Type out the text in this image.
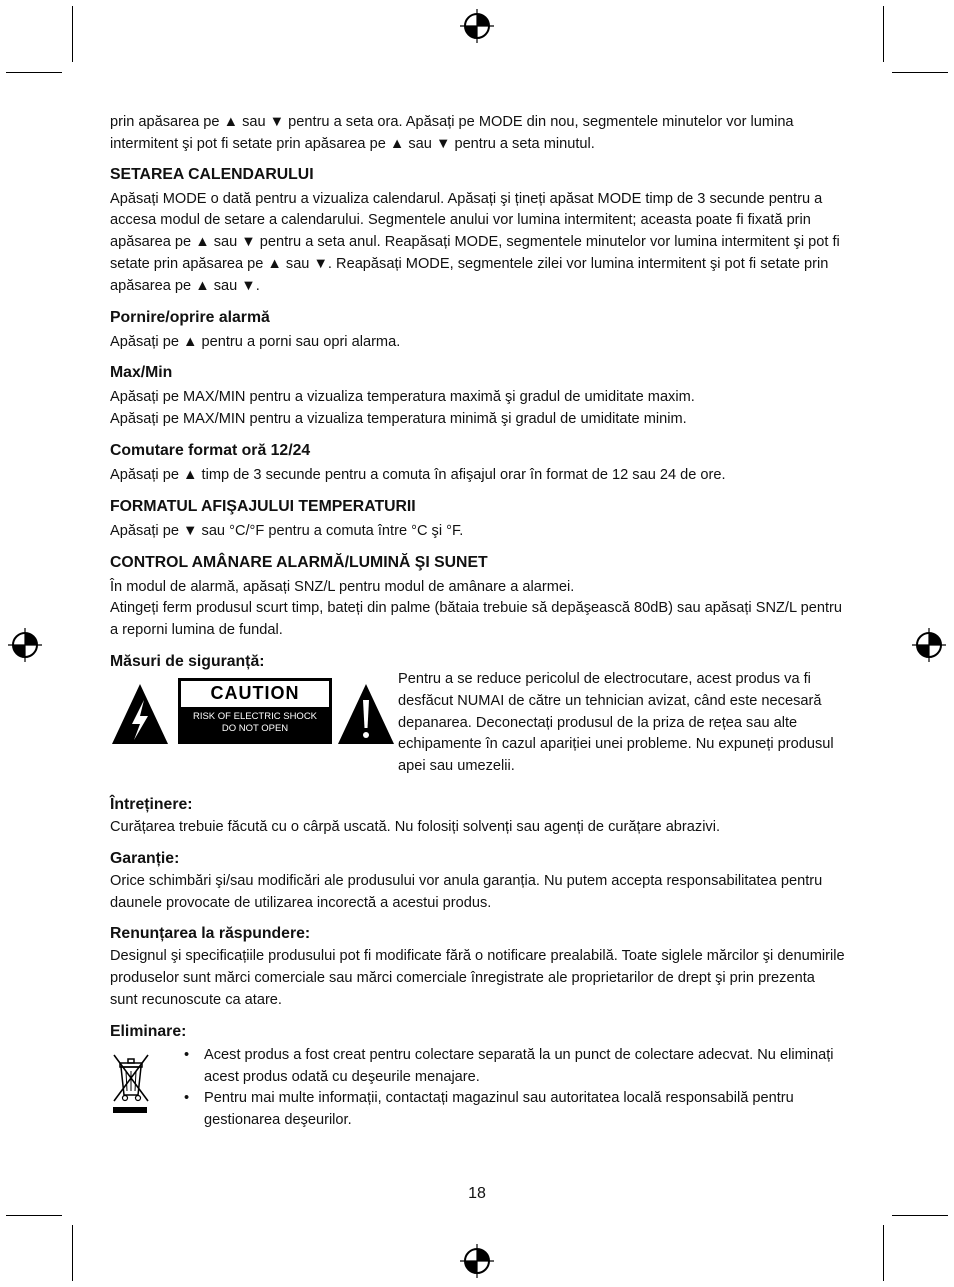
prin apăsarea pe ▲ sau ▼ pentru a seta ora. Apăsați pe MODE din nou, segmentele minutelor vor lumina intermitent şi pot fi setate prin apăsarea pe ▲ sau ▼ pentru a seta minutul.

SETAREA CALENDARULUI

Apăsați MODE o dată pentru a vizualiza calendarul. Apăsați şi țineți apăsat MODE timp de 3 secunde pentru a accesa modul de setare a calendarului. Segmentele anului vor lumina intermitent; aceasta poate fi fixată prin apăsarea pe ▲ sau ▼ pentru a seta anul. Reapăsați MODE, segmentele minutelor vor lumina intermitent şi pot fi setate prin apăsarea pe ▲ sau ▼. Reapăsați MODE, segmentele zilei vor lumina intermitent şi pot fi setate prin apăsarea pe ▲ sau ▼.

Pornire/oprire alarmă

Apăsați pe ▲ pentru a porni sau opri alarma.

Max/Min

Apăsați pe MAX/MIN pentru a vizualiza temperatura maximă şi gradul de umiditate maxim.

Apăsați pe MAX/MIN pentru a vizualiza temperatura minimă şi gradul de umiditate minim.

Comutare format oră 12/24

Apăsați pe ▲ timp de 3 secunde pentru a comuta în afişajul orar în format de 12 sau 24 de ore.

FORMATUL AFIŞAJULUI TEMPERATURII

Apăsați pe ▼ sau °C/°F pentru a comuta între °C şi °F.

CONTROL AMÂNARE ALARMĂ/LUMINĂ ŞI SUNET

În modul de alarmă, apăsați SNZ/L pentru modul de amânare a alarmei.

Atingeți ferm produsul scurt timp, bateți din palme (bătaia trebuie să depăşească 80dB) sau apăsați SNZ/L pentru a reporni lumina de fundal.

Măsuri de siguranță:
CAUTION
RISK OF ELECTRIC SHOCK
DO NOT OPEN

Pentru a se reduce pericolul de electrocutare, acest produs va fi desfăcut NUMAI de către un tehnician avizat, când este necesară depanarea. Deconectați produsul de la priza de rețea sau alte echipamente în cazul apariției unei probleme. Nu expuneți produsul apei sau umezelii.

Întreținere:

Curățarea trebuie făcută cu o cârpă uscată. Nu folosiți solvenți sau agenți de curățare abrazivi.

Garanție:

Orice schimbări şi/sau modificări ale produsului vor anula garanția. Nu putem accepta responsabilitatea pentru daunele provocate de utilizarea incorectă a acestui produs.

Renunțarea la răspundere:

Designul şi specificațiile produsului pot fi modificate fără o notificare prealabilă. Toate siglele mărcilor şi denumirile produselor sunt mărci comerciale sau mărci comerciale înregistrate ale proprietarilor de drept şi prin prezenta sunt recunoscute ca atare.

Eliminare:
• Acest produs a fost creat pentru colectare separată la un punct de colectare adecvat. Nu eliminați acest produs odată cu deşeurile menajare.
• Pentru mai multe informații, contactați magazinul sau autoritatea locală responsabilă pentru gestionarea deşeurilor.
18
